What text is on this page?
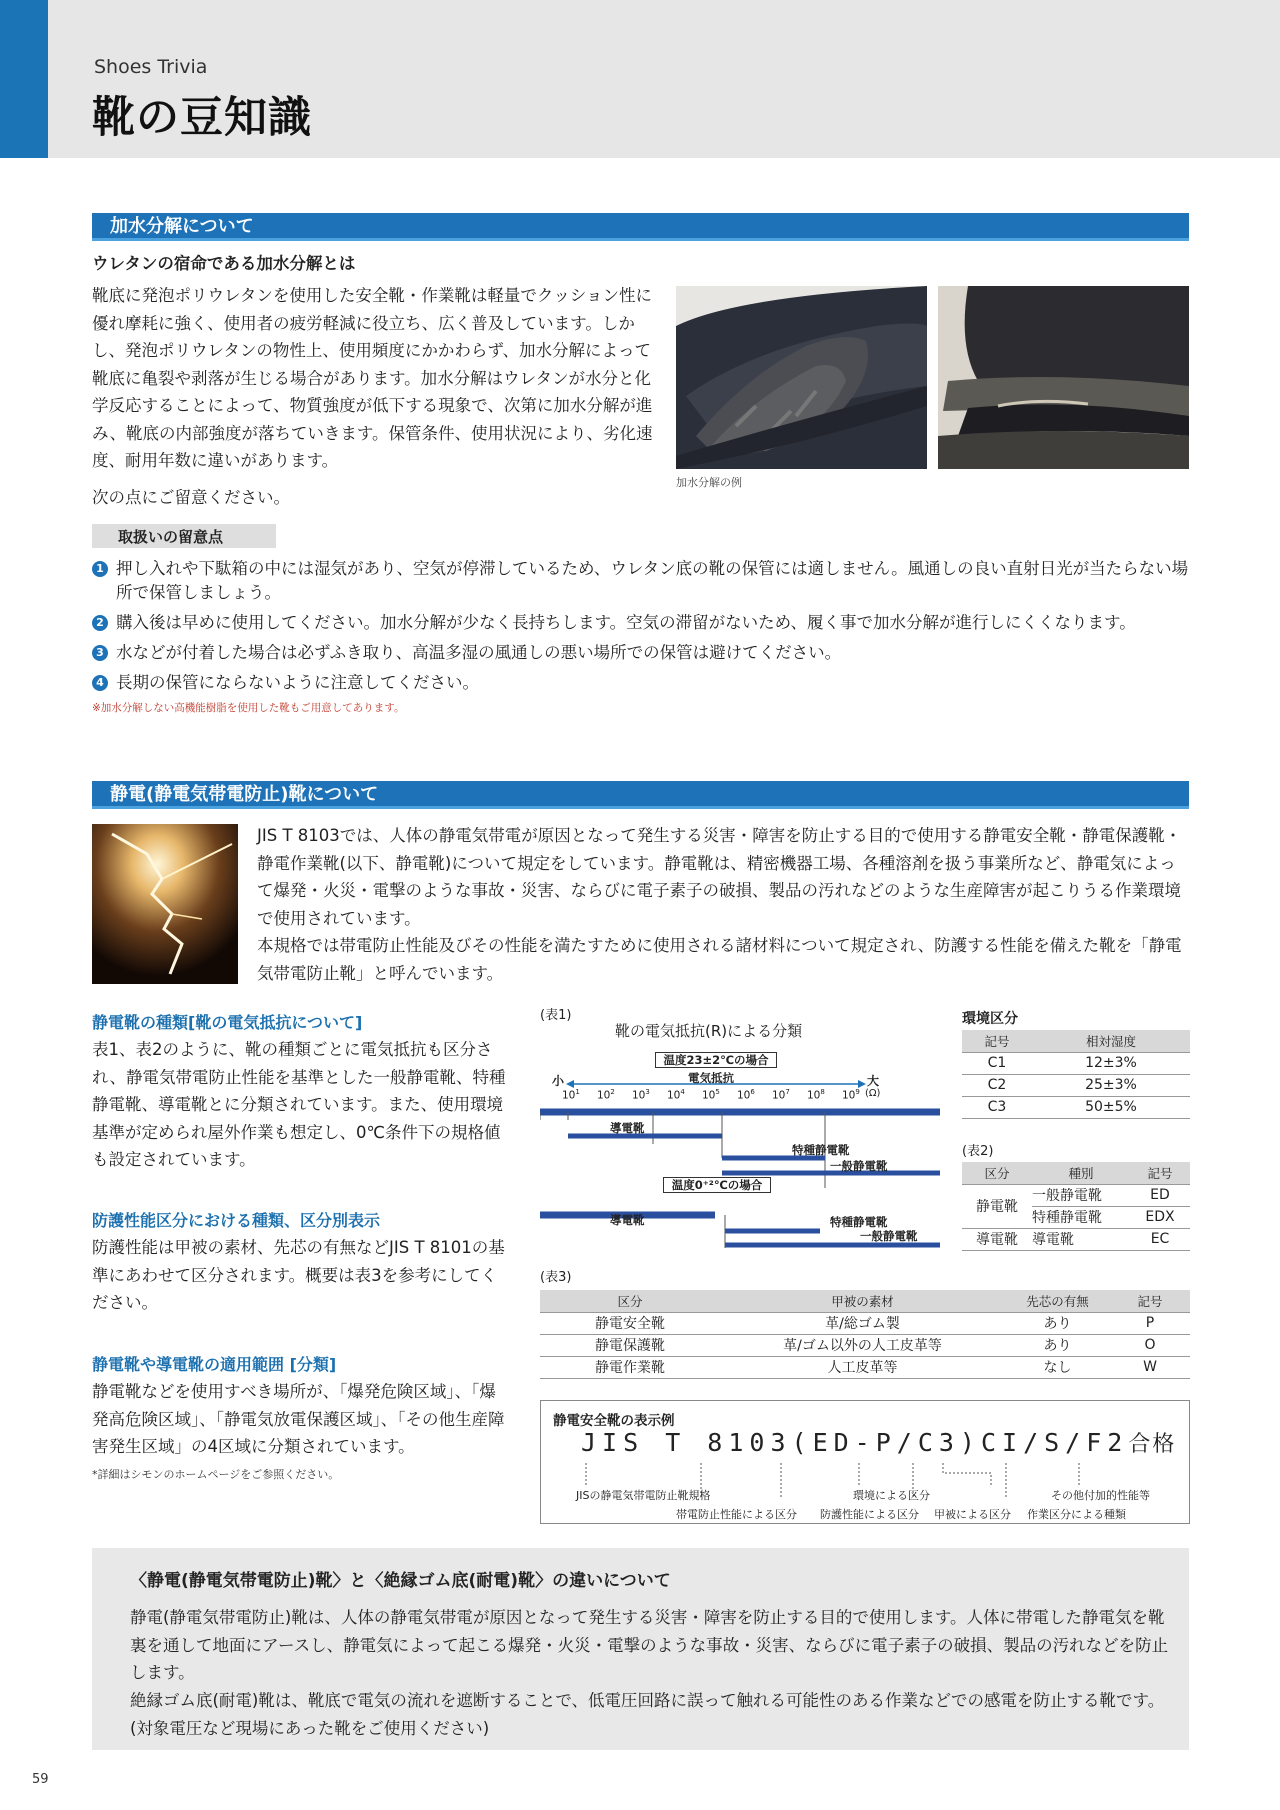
Shoes Trivia
靴の豆知識
加水分解について
ウレタンの宿命である加水分解とは
靴底に発泡ポリウレタンを使用した安全靴・作業靴は軽量でクッション性に優れ摩耗に強く、使用者の疲労軽減に役立ち、広く普及しています。しかし、発泡ポリウレタンの物性上、使用頻度にかかわらず、加水分解によって靴底に亀裂や剥落が生じる場合があります。加水分解はウレタンが水分と化学反応することによって、物質強度が低下する現象で、次第に加水分解が進み、靴底の内部強度が落ちていきます。保管条件、使用状況により、劣化速度、耐用年数に違いがあります。
次の点にご留意ください。
加水分解の例
取扱いの留意点
1 押し入れや下駄箱の中には湿気があり、空気が停滞しているため、ウレタン底の靴の保管には適しません。風通しの良い直射日光が当たらない場所で保管しましょう。
2 購入後は早めに使用してください。加水分解が少なく長持ちします。空気の滞留がないため、履く事で加水分解が進行しにくくなります。
3 水などが付着した場合は必ずふき取り、高温多湿の風通しの悪い場所での保管は避けてください。
4 長期の保管にならないように注意してください。
※加水分解しない高機能樹脂を使用した靴もご用意してあります。
静電(静電気帯電防止)靴について
JIS T 8103では、人体の静電気帯電が原因となって発生する災害・障害を防止する目的で使用する静電安全靴・静電保護靴・静電作業靴(以下、静電靴)について規定をしています。静電靴は、精密機器工場、各種溶剤を扱う事業所など、静電気によって爆発・火災・電撃のような事故・災害、ならびに電子素子の破損、製品の汚れなどのような生産障害が起こりうる作業環境で使用されています。
本規格では帯電防止性能及びその性能を満たすために使用される諸材料について規定され、防護する性能を備えた靴を「静電気帯電防止靴」と呼んでいます。
静電靴の種類[靴の電気抵抗について]
表1、表2のように、靴の種類ごとに電気抵抗も区分され、静電気帯電防止性能を基準とした一般静電靴、特種静電靴、導電靴とに分類されています。また、使用環境基準が定められ屋外作業も想定し、0℃条件下の規格値も設定されています。
防護性能区分における種類、区分別表示
防護性能は甲被の素材、先芯の有無などJIS T 8101の基準にあわせて区分されます。概要は表3を参考にしてください。
静電靴や導電靴の適用範囲 [分類]
静電靴などを使用すべき場所が、「爆発危険区域」、「爆発高危険区域」、「静電気放電保護区域」、「その他生産障害発生区域」の4区域に分類されています。
*詳細はシモンのホームページをご参照ください。
(表1)
靴の電気抵抗(R)による分類
温度23±2℃の場合
小	大
電気抵抗
$10^1$ $10^2$ $10^3$ $10^4$ $10^5$ $10^6$ $10^7$ $10^8$ $10^9$ (Ω)
導電靴
特種静電靴
一般静電靴
温度0⁺²℃の場合
導電靴	特種静電靴
一般静電靴
環境区分
記号	相対湿度
C1	12±3%
C2	25±3%
C3	50±5%
(表2)
区分	種別	記号
静電靴	一般静電靴	ED
	特種静電靴	EDX
導電靴	導電靴	EC
(表3)
区分	甲被の素材	先芯の有無	記号
静電安全靴	革/総ゴム製	あり	P
静電保護靴	革/ゴム以外の人工皮革等	あり	O
静電作業靴	人工皮革等	なし	W
静電安全靴の表示例
JIS T 8103(ED-P/C3)CI/S/F2合格
JISの静電気帯電防止靴規格	環境による区分	その他付加的性能等
帯電防止性能による区分 防護性能による区分 甲被による区分 作業区分による種類
〈静電(静電気帯電防止)靴〉と〈絶縁ゴム底(耐電)靴〉の違いについて
静電(静電気帯電防止)靴は、人体の静電気帯電が原因となって発生する災害・障害を防止する目的で使用します。人体に帯電した静電気を靴裏を通して地面にアースし、静電気によって起こる爆発・火災・電撃のような事故・災害、ならびに電子素子の破損、製品の汚れなどを防止します。
絶縁ゴム底(耐電)靴は、靴底で電気の流れを遮断することで、低電圧回路に誤って触れる可能性のある作業などでの感電を防止する靴です。(対象電圧など現場にあった靴をご使用ください)
59
